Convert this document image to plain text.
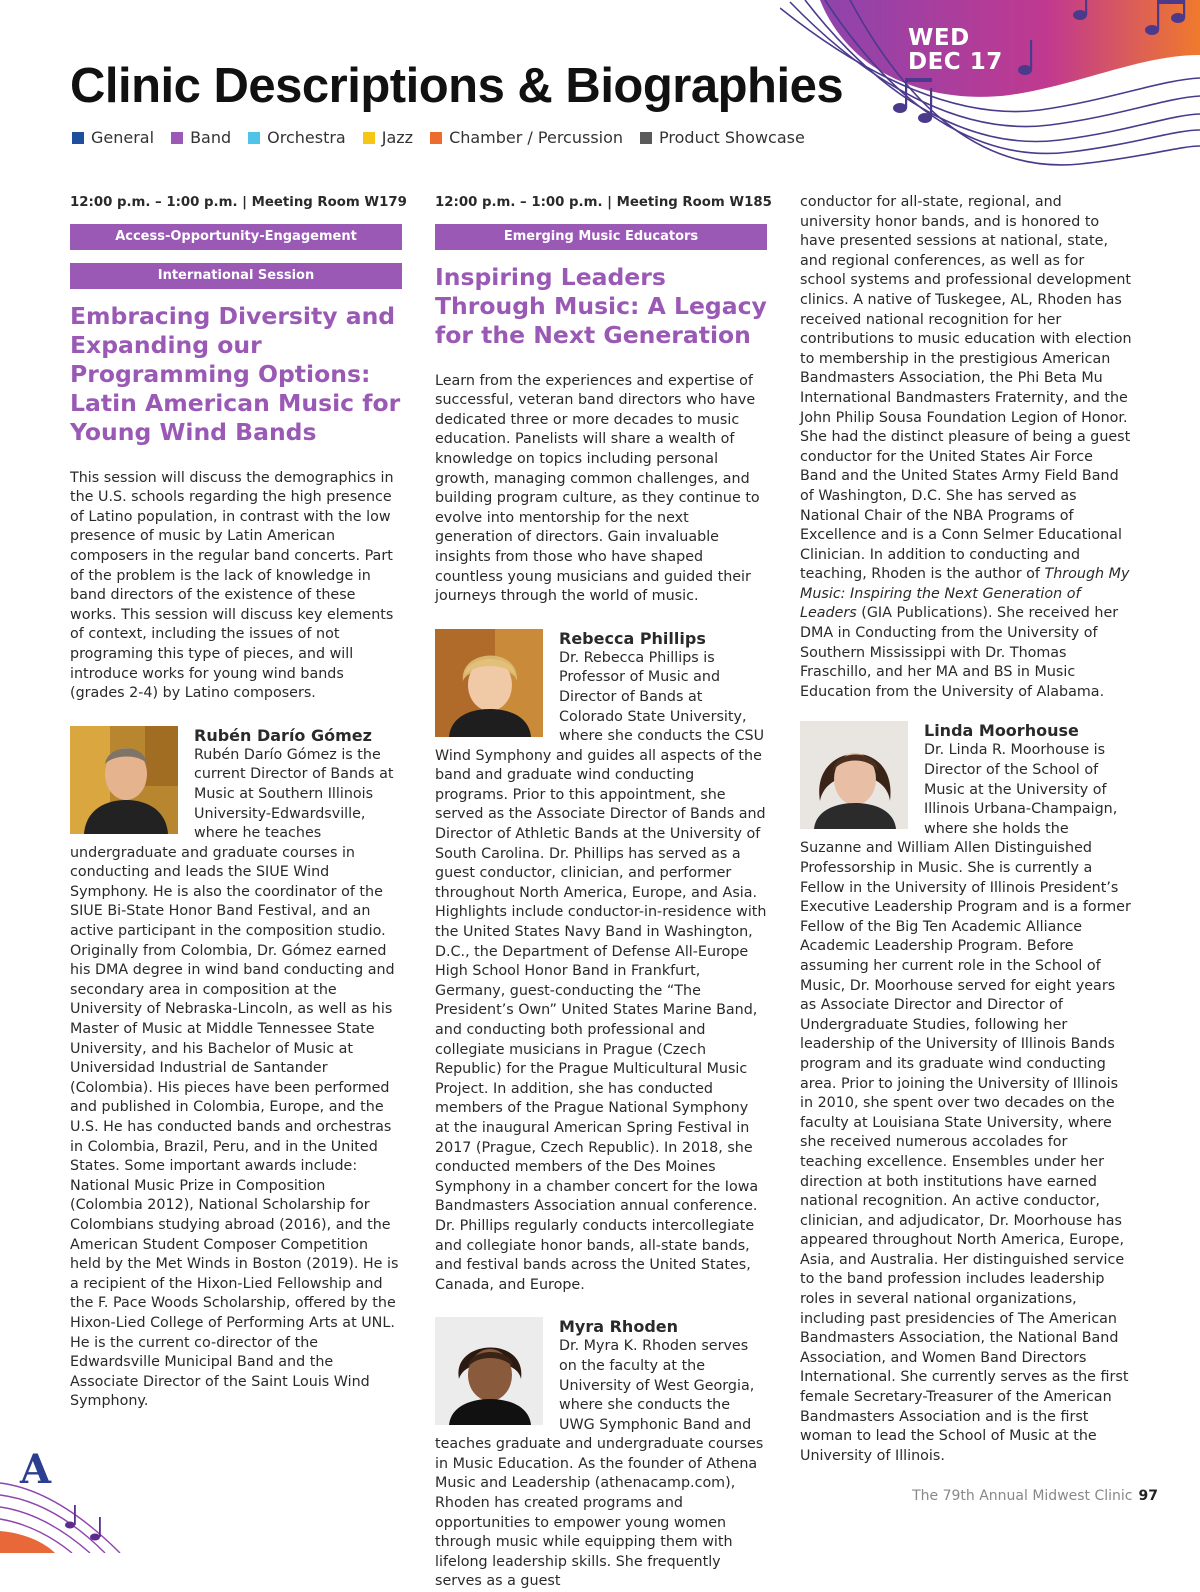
WED
DEC 17
Clinic Descriptions & Biographies
General Band Orchestra Jazz Chamber / Percussion Product Showcase
12:00 p.m. – 1:00 p.m. | Meeting Room W179
Access-Opportunity-Engagement
International Session
Embracing Diversity and Expanding our Programming Options: Latin American Music for Young Wind Bands

This session will discuss the demographics in the U.S. schools regarding the high presence of Latino population, in contrast with the low presence of music by Latin American composers in the regular band concerts. Part of the problem is the lack of knowledge in band directors of the existence of these works. This session will discuss key elements of context, including the issues of not programing this type of pieces, and will introduce works for young wind bands (grades 2-4) by Latino composers.

Rubén Darío Gómez

Rubén Darío Gómez is the current Director of Bands at Music at Southern Illinois University-Edwardsville, where he teaches undergraduate and graduate courses in conducting and leads the SIUE Wind Symphony. He is also the coordinator of the SIUE Bi-State Honor Band Festival, and an active participant in the composition studio. Originally from Colombia, Dr. Gómez earned his DMA degree in wind band conducting and secondary area in composition at the University of Nebraska-Lincoln, as well as his Master of Music at Middle Tennessee State University, and his Bachelor of Music at Universidad Industrial de Santander (Colombia). His pieces have been performed and published in Colombia, Europe, and the U.S. He has conducted bands and orchestras in Colombia, Brazil, Peru, and in the United States. Some important awards include: National Music Prize in Composition (Colombia 2012), National Scholarship for Colombians studying abroad (2016), and the American Student Composer Competition held by the Met Winds in Boston (2019). He is a recipient of the Hixon-Lied Fellowship and the F. Pace Woods Scholarship, offered by the Hixon-Lied College of Performing Arts at UNL. He is the current co-director of the Edwardsville Municipal Band and the Associate Director of the Saint Louis Wind Symphony.

12:00 p.m. – 1:00 p.m. | Meeting Room W185
Emerging Music Educators
Inspiring Leaders Through Music: A Legacy for the Next Generation

Learn from the experiences and expertise of successful, veteran band directors who have dedicated three or more decades to music education. Panelists will share a wealth of knowledge on topics including personal growth, managing common challenges, and building program culture, as they continue to evolve into mentorship for the next generation of directors. Gain invaluable insights from those who have shaped countless young musicians and guided their journeys through the world of music.

Rebecca Phillips

Dr. Rebecca Phillips is Professor of Music and Director of Bands at Colorado State University, where she conducts the CSU Wind Symphony and guides all aspects of the band and graduate wind conducting programs. Prior to this appointment, she served as the Associate Director of Bands and Director of Athletic Bands at the University of South Carolina. Dr. Phillips has served as a guest conductor, clinician, and performer throughout North America, Europe, and Asia. Highlights include conductor-in-residence with the United States Navy Band in Washington, D.C., the Department of Defense All-Europe High School Honor Band in Frankfurt, Germany, guest-conducting the “The President’s Own” United States Marine Band, and conducting both professional and collegiate musicians in Prague (Czech Republic) for the Prague Multicultural Music Project. In addition, she has conducted members of the Prague National Symphony at the inaugural American Spring Festival in 2017 (Prague, Czech Republic). In 2018, she conducted members of the Des Moines Symphony in a chamber concert for the Iowa Bandmasters Association annual conference. Dr. Phillips regularly conducts intercollegiate and collegiate honor bands, all-state bands, and festival bands across the United States, Canada, and Europe.

Myra Rhoden

Dr. Myra K. Rhoden serves on the faculty at the University of West Georgia, where she conducts the UWG Symphonic Band and teaches graduate and undergraduate courses in Music Education. As the founder of Athena Music and Leadership (athenacamp.com), Rhoden has created programs and opportunities to empower young women through music while equipping them with lifelong leadership skills. She frequently serves as a guest

conductor for all-state, regional, and university honor bands, and is honored to have presented sessions at national, state, and regional conferences, as well as for school systems and professional development clinics. A native of Tuskegee, AL, Rhoden has received national recognition for her contributions to music education with election to membership in the prestigious American Bandmasters Association, the Phi Beta Mu International Bandmasters Fraternity, and the John Philip Sousa Foundation Legion of Honor. She had the distinct pleasure of being a guest conductor for the United States Air Force Band and the United States Army Field Band of Washington, D.C. She has served as National Chair of the NBA Programs of Excellence and is a Conn Selmer Educational Clinician. In addition to conducting and teaching, Rhoden is the author of Through My Music: Inspiring the Next Generation of Leaders (GIA Publications). She received her DMA in Conducting from the University of Southern Mississippi with Dr. Thomas Fraschillo, and her MA and BS in Music Education from the University of Alabama.

Linda Moorhouse

Dr. Linda R. Moorhouse is Director of the School of Music at the University of Illinois Urbana-Champaign, where she holds the Suzanne and William Allen Distinguished Professorship in Music. She is currently a Fellow in the University of Illinois President’s Executive Leadership Program and is a former Fellow of the Big Ten Academic Alliance Academic Leadership Program. Before assuming her current role in the School of Music, Dr. Moorhouse served for eight years as Associate Director and Director of Undergraduate Studies, following her leadership of the University of Illinois Bands program and its graduate wind conducting area. Prior to joining the University of Illinois in 2010, she spent over two decades on the faculty at Louisiana State University, where she received numerous accolades for teaching excellence. Ensembles under her direction at both institutions have earned national recognition. An active conductor, clinician, and adjudicator, Dr. Moorhouse has appeared throughout North America, Europe, Asia, and Australia. Her distinguished service to the band profession includes leadership roles in several national organizations, including past presidencies of The American Bandmasters Association, the National Band Association, and Women Band Directors International. She currently serves as the first female Secretary-Treasurer of the American Bandmasters Association and is the first woman to lead the School of Music at the University of Illinois.

A
The 79th Annual Midwest Clinic 97
